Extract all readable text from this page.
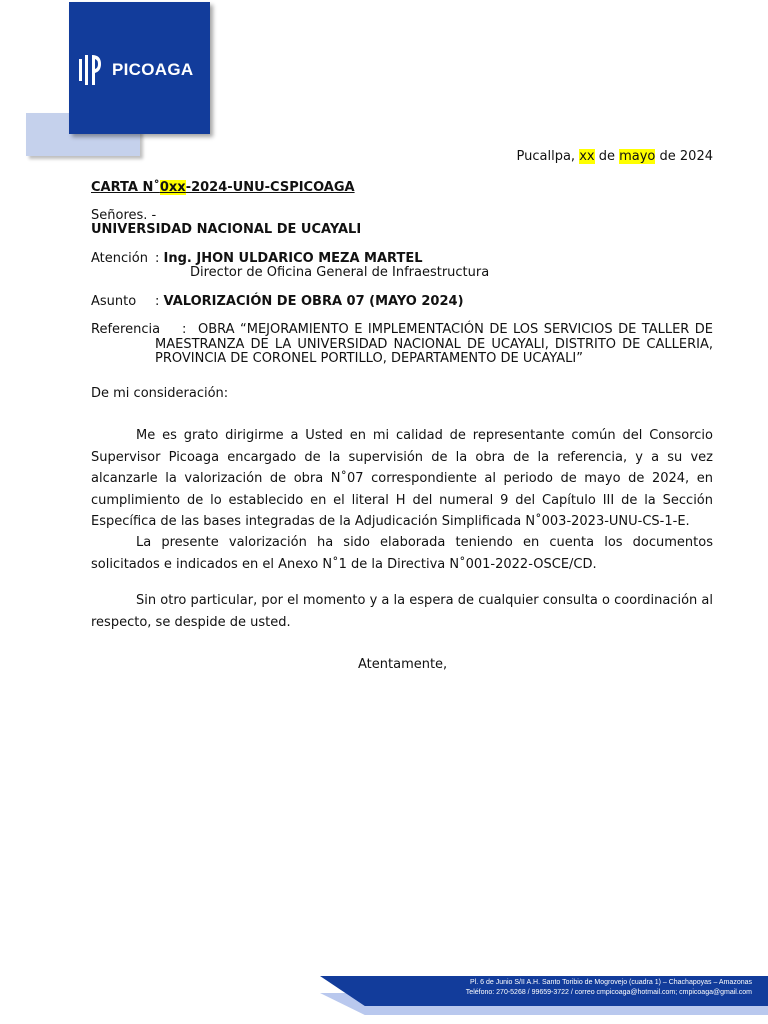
PICOAGA
Pucallpa, xx de mayo de 2024
CARTA N˚0xx-2024-UNU-CSPICOAGA
Señores. -
UNIVERSIDAD NACIONAL DE UCAYALI
Atención : Ing. JHON ULDARICO MEZA MARTEL
Director de Oficina General de Infraestructura
Asunto : VALORIZACIÓN DE OBRA 07 (MAYO 2024)
Referencia : OBRA “MEJORAMIENTO E IMPLEMENTACIÓN DE LOS SERVICIOS DE TALLER DE MAESTRANZA DE LA UNIVERSIDAD NACIONAL DE UCAYALI, DISTRITO DE CALLERIA, PROVINCIA DE CORONEL PORTILLO, DEPARTAMENTO DE UCAYALI”
De mi consideración:
Me es grato dirigirme a Usted en mi calidad de representante común del Consorcio Supervisor Picoaga encargado de la supervisión de la obra de la referencia, y a su vez alcanzarle la valorización de obra N˚07 correspondiente al periodo de mayo de 2024, en cumplimiento de lo establecido en el literal H del numeral 9 del Capítulo III de la Sección Específica de las bases integradas de la Adjudicación Simplificada N˚003-2023-UNU-CS-1-E.
La presente valorización ha sido elaborada teniendo en cuenta los documentos solicitados e indicados en el Anexo N˚1 de la Directiva N˚001-2022-OSCE/CD.
Sin otro particular, por el momento y a la espera de cualquier consulta o coordinación al respecto, se despide de usted.
Atentamente,
Pl. 6 de Junio S/II A.H. Santo Toribio de Mogrovejo (cuadra 1) – Chachapoyas – Amazonas
Teléfono: 270-5268 / 99659-3722 / correo cmpicoaga@hotmail.com; cmpicoaga@gmail.com
